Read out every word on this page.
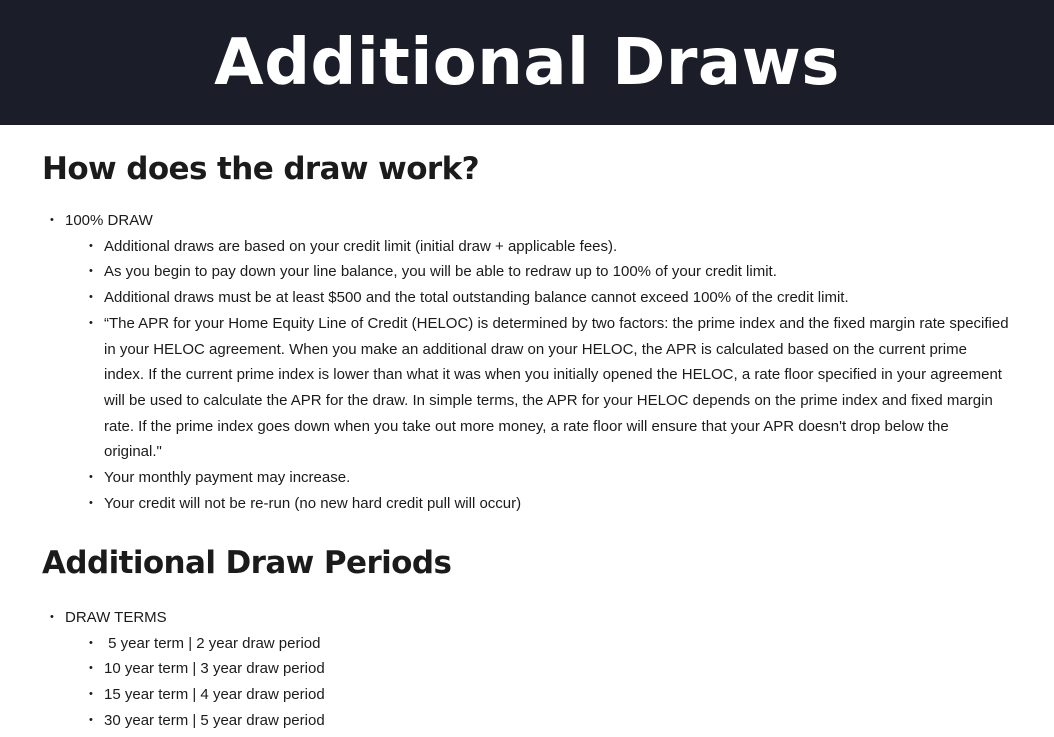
Additional Draws
How does the draw work?
• 100% DRAW
• Additional draws are based on your credit limit (initial draw + applicable fees).
• As you begin to pay down your line balance, you will be able to redraw up to 100% of your credit limit.
• Additional draws must be at least $500 and the total outstanding balance cannot exceed 100% of the credit limit.
• “The APR for your Home Equity Line of Credit (HELOC) is determined by two factors: the prime index and the fixed margin rate specified in your HELOC agreement. When you make an additional draw on your HELOC, the APR is calculated based on the current prime index. If the current prime index is lower than what it was when you initially opened the HELOC, a rate floor specified in your agreement will be used to calculate the APR for the draw. In simple terms, the APR for your HELOC depends on the prime index and fixed margin rate. If the prime index goes down when you take out more money, a rate floor will ensure that your APR doesn't drop below the original."
• Your monthly payment may increase.
• Your credit will not be re-run (no new hard credit pull will occur)
Additional Draw Periods
• DRAW TERMS
•  5 year term | 2 year draw period
• 10 year term | 3 year draw period
• 15 year term | 4 year draw period
• 30 year term | 5 year draw period
